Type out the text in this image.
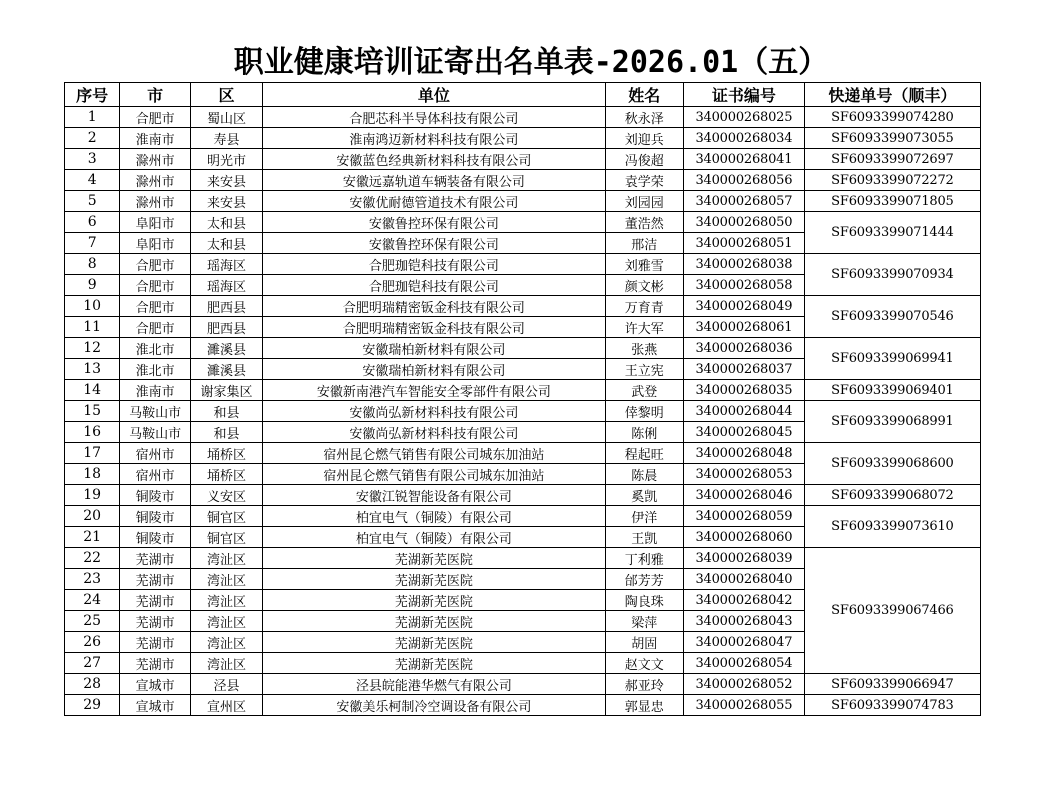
职业健康培训证寄出名单表-2026.01（五）
序号	市	区	单位	姓名	证书编号	快递单号（顺丰）
1	合肥市	蜀山区	合肥芯科半导体科技有限公司	秋永泽	340000268025	SF6093399074280
2	淮南市	寿县	淮南鸿迈新材料科技有限公司	刘迎兵	340000268034	SF6093399073055
3	滁州市	明光市	安徽蓝色经典新材料科技有限公司	冯俊超	340000268041	SF6093399072697
4	滁州市	来安县	安徽远嘉轨道车辆装备有限公司	袁学荣	340000268056	SF6093399072272
5	滁州市	来安县	安徽优耐德管道技术有限公司	刘园园	340000268057	SF6093399071805
6	阜阳市	太和县	安徽鲁控环保有限公司	董浩然	340000268050	SF6093399071444
7	阜阳市	太和县	安徽鲁控环保有限公司	邢洁	340000268051	
8	合肥市	瑶海区	合肥珈铠科技有限公司	刘雅雪	340000268038	SF6093399070934
9	合肥市	瑶海区	合肥珈铠科技有限公司	颜文彬	340000268058	
10	合肥市	肥西县	合肥明瑞精密钣金科技有限公司	万育青	340000268049	SF6093399070546
11	合肥市	肥西县	合肥明瑞精密钣金科技有限公司	许大军	340000268061	
12	淮北市	濉溪县	安徽瑞柏新材料有限公司	张燕	340000268036	SF6093399069941
13	淮北市	濉溪县	安徽瑞柏新材料有限公司	王立宪	340000268037	
14	淮南市	谢家集区	安徽新南港汽车智能安全零部件有限公司	武登	340000268035	SF6093399069401
15	马鞍山市	和县	安徽尚弘新材料科技有限公司	倖黎明	340000268044	SF6093399068991
16	马鞍山市	和县	安徽尚弘新材料科技有限公司	陈俐	340000268045	
17	宿州市	埇桥区	宿州昆仑燃气销售有限公司城东加油站	程起旺	340000268048	SF6093399068600
18	宿州市	埇桥区	宿州昆仑燃气销售有限公司城东加油站	陈晨	340000268053	
19	铜陵市	义安区	安徽江锐智能设备有限公司	奚凯	340000268046	SF6093399068072
20	铜陵市	铜官区	柏宜电气（铜陵）有限公司	伊洋	340000268059	SF6093399073610
21	铜陵市	铜官区	柏宜电气（铜陵）有限公司	王凯	340000268060	
22	芜湖市	湾沚区	芜湖新芜医院	丁利雅	340000268039	SF6093399067466
23	芜湖市	湾沚区	芜湖新芜医院	邰芳芳	340000268040	
24	芜湖市	湾沚区	芜湖新芜医院	陶良珠	340000268042	
25	芜湖市	湾沚区	芜湖新芜医院	梁萍	340000268043	
26	芜湖市	湾沚区	芜湖新芜医院	胡固	340000268047	
27	芜湖市	湾沚区	芜湖新芜医院	赵文文	340000268054	
28	宣城市	泾县	泾县皖能港华燃气有限公司	郝亚玲	340000268052	SF6093399066947
29	宣城市	宣州区	安徽美乐柯制冷空调设备有限公司	郭显忠	340000268055	SF6093399074783
